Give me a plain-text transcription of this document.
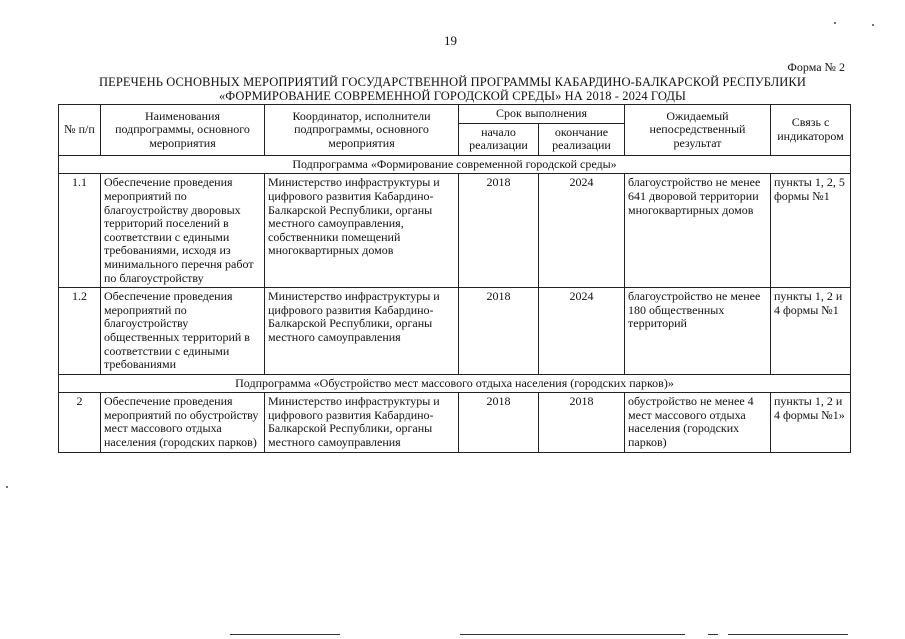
19
Форма № 2
ПЕРЕЧЕНЬ ОСНОВНЫХ МЕРОПРИЯТИЙ ГОСУДАРСТВЕННОЙ ПРОГРАММЫ КАБАРДИНО-БАЛКАРСКОЙ РЕСПУБЛИКИ
«ФОРМИРОВАНИЕ СОВРЕМЕННОЙ ГОРОДСКОЙ СРЕДЫ» НА 2018 - 2024 ГОДЫ
№ п/п	Наименования подпрограммы, основного мероприятия	Координатор, исполнители подпрограммы, основного мероприятия	Срок выполнения		Ожидаемый непосредственный результат	Связь с индикатором
			начало реализации	окончание реализации		
Подпрограмма «Формирование современной городской среды»						
1.1	Обеспечение проведения мероприятий по благоустройству дворовых территорий поселений в соответствии с едиными требованиями, исходя из минимального перечня работ по благоустройству	Министерство инфраструктуры и цифрового развития Кабардино-Балкарской Республики, органы местного самоуправления, собственники помещений многоквартирных домов	2018	2024	благоустройство не менее 641 дворовой территории многоквартирных домов	пункты 1, 2, 5 формы №1
1.2	Обеспечение проведения мероприятий по благоустройству общественных территорий в соответствии с едиными требованиями	Министерство инфраструктуры и цифрового развития Кабардино-Балкарской Республики, органы местного самоуправления	2018	2024	благоустройство не менее 180 общественных территорий	пункты 1, 2 и 4 формы №1
Подпрограмма «Обустройство мест массового отдыха населения (городских парков)»						
2	Обеспечение проведения мероприятий по обустройству мест массового отдыха населения (городских парков)	Министерство инфраструктуры и цифрового развития Кабардино-Балкарской Республики, органы местного самоуправления	2018	2018	обустройство не менее 4 мест массового отдыха населения (городских парков)	пункты 1, 2 и 4 формы №1»
